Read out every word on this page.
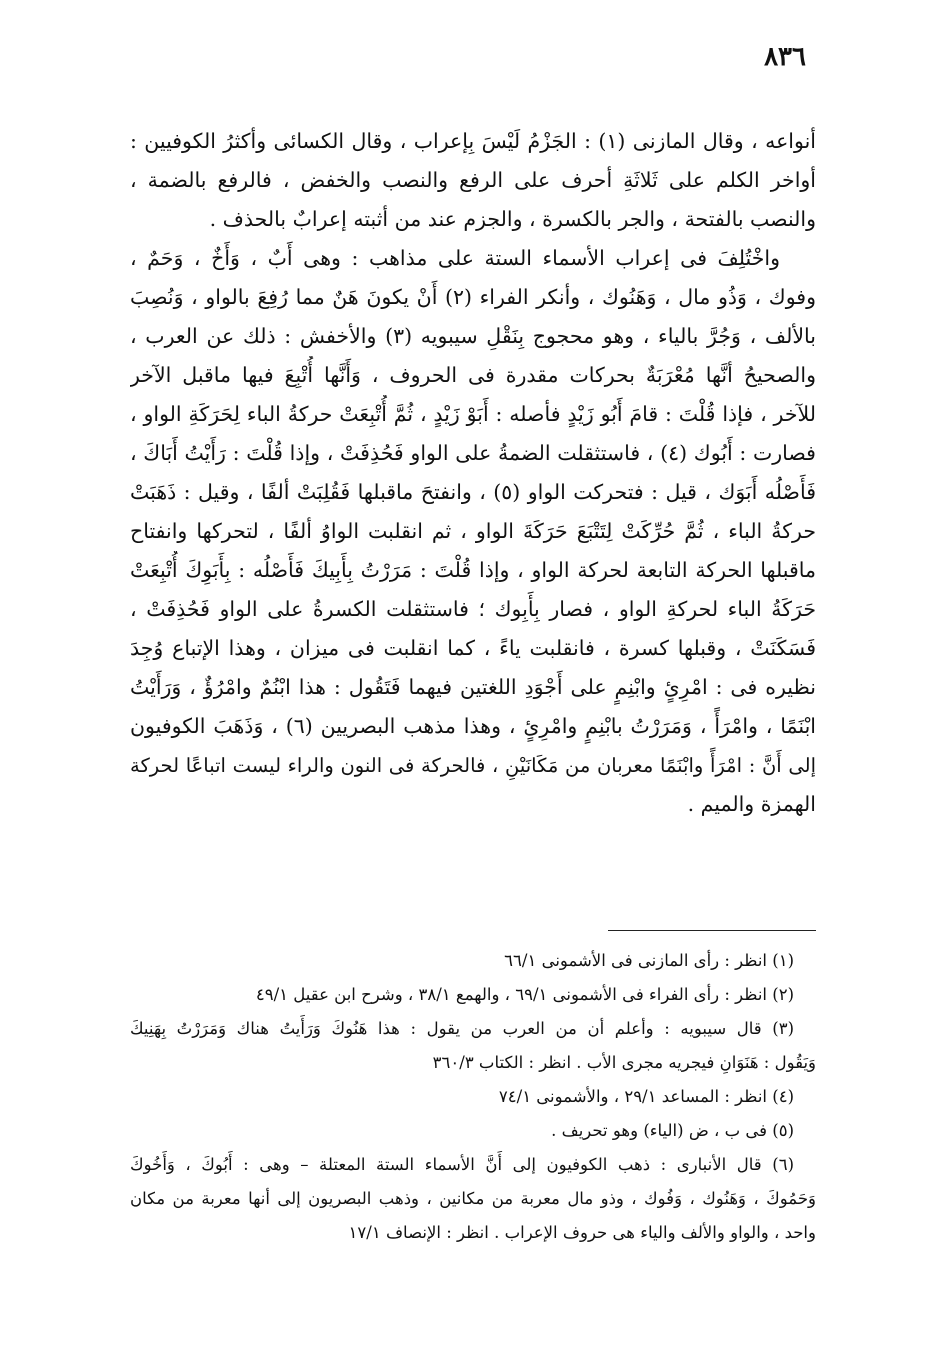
٨٣٦
أنواعه ، وقال المازنى (١) : الجَزْمُ لَيْسَ بِإعراب ، وقال الكسائى وأكثرُ الكوفيين :
أواخر الكلم على ثَلاثَةِ أحرف على الرفع والنصب والخفض ، فالرفع بالضمة ،
والنصب بالفتحة ، والجر بالكسرة ، والجزم عند من أثبته إعرابٌ بالحذف .
واخْتُلِفَ فى إعراب الأسماء الستة على مذاهب : وهى أَبٌ ، وَأَخٌ ، وَحَمٌ ،
وفوك ، وَذُو مال ، وَهَنُوك ، وأنكر الفراء (٢) أَنْ يكونَ هَنٌ مما رُفِعَ بالواو ، وَنُصِبَ
بالألف ، وَجُرَّ بالياء ، وهو محجوج بِنَقْلِ سيبويه (٣) والأخفش : ذلك عن العرب ،
والصحيحُ أنَّها مُعْرَبَةٌ بحركات مقدرة فى الحروف ، وَأَنَّها أُتْبِعَ فيها ماقبل الآخر
للآخر ، فإذا قُلْتَ : قامَ أَبُو زَيْدٍ فأصله : أَبَوْ زَيْدٍ ، ثُمَّ أُتْبِعَتْ حركةُ الباء لِحَرَكَةِ الواو ،
فصارت : أَبُوك (٤) ، فاستثقلت الضمةُ على الواو فَحُذِفَتْ ، وإذا قُلْتَ : رَأَيْتُ أَبَاكَ ،
فَأَصْلُه أَبَوَك ، قيل : فتحركت الواو (٥) ، وانفتحَ ماقبلها فَقُلِبَتْ ألفًا ، وقيل : ذَهَبَتْ
حركةُ الباء ، ثُمَّ حُرِّكَتْ لِتَتْبَعَ حَرَكَةَ الواو ، ثم انقلبت الواوُ ألفًا ، لتحركها وانفتاح
ماقبلها الحركة التابعة لحركة الواو ، وإذا قُلْتَ : مَرَرْتُ بِأَبِيكَ فَأَصْلُه : بِأَبَوِكَ أُتْبِعَتْ
حَرَكَةُ الباء لحركةِ الواو ، فصار بِأَبِوك ؛ فاستثقلت الكسرةُ على الواو فَحُذِفَتْ ،
فَسَكَنَتْ ، وقبلها كسرة ، فانقلبت ياءً ، كما انقلبت فى ميزان ، وهذا الإتباع وُجِدَ
نظيره فى : امْرِئٍ وابْنِمٍ على أَجْوَدِ اللغتين فيهما فَتَقُول : هذا ابْنُمٌ وامْرُؤٌ ، وَرَأَيْتُ
ابْنَمًا ، وامْرَأً ، وَمَرَرْتُ بابْنِمٍ وامْرِئٍ ، وهذا مذهب البصريين (٦) ، وَذَهَبَ الكوفيون
إلى أَنَّ : امْرَأً وابْنَمًا معربان من مَكَانَيْنِ ، فالحركة فى النون والراء ليست اتباعًا لحركة
الهمزة والميم .
(١) انظر : رأى المازنى فى الأشمونى ٦٦/١
(٢) انظر : رأى الفراء فى الأشمونى ٦٩/١ ، والهمع ٣٨/١ ، وشرح ابن عقيل ٤٩/١
(٣) قال سيبويه : وأعلم أن من العرب من يقول : هذا هَنُوكَ وَرَأَيتُ هناك وَمَرَرْتُ بِهَنِيكَ
وَيَقُول : هَنَوَانِ فيجريه مجرى الأب . انظر : الكتاب ٣٦٠/٣
(٤) انظر : المساعد ٢٩/١ ، والأشمونى ٧٤/١
(٥) فى ب ، ض (الياء) وهو تحريف .
(٦) قال الأنبارى : ذهب الكوفيون إلى أَنَّ الأسماء الستة المعتلة – وهى : أَبُوكَ ، وَأَخُوكَ
وَحَمُوكَ ، وَهَنُوك ، وَفُوك ، وذو مال معربة من مكانين ، وذهب البصريون إلى أنها معربة من مكان
واحد ، والواو والألف والياء هى حروف الإعراب . انظر : الإنصاف ١٧/١
